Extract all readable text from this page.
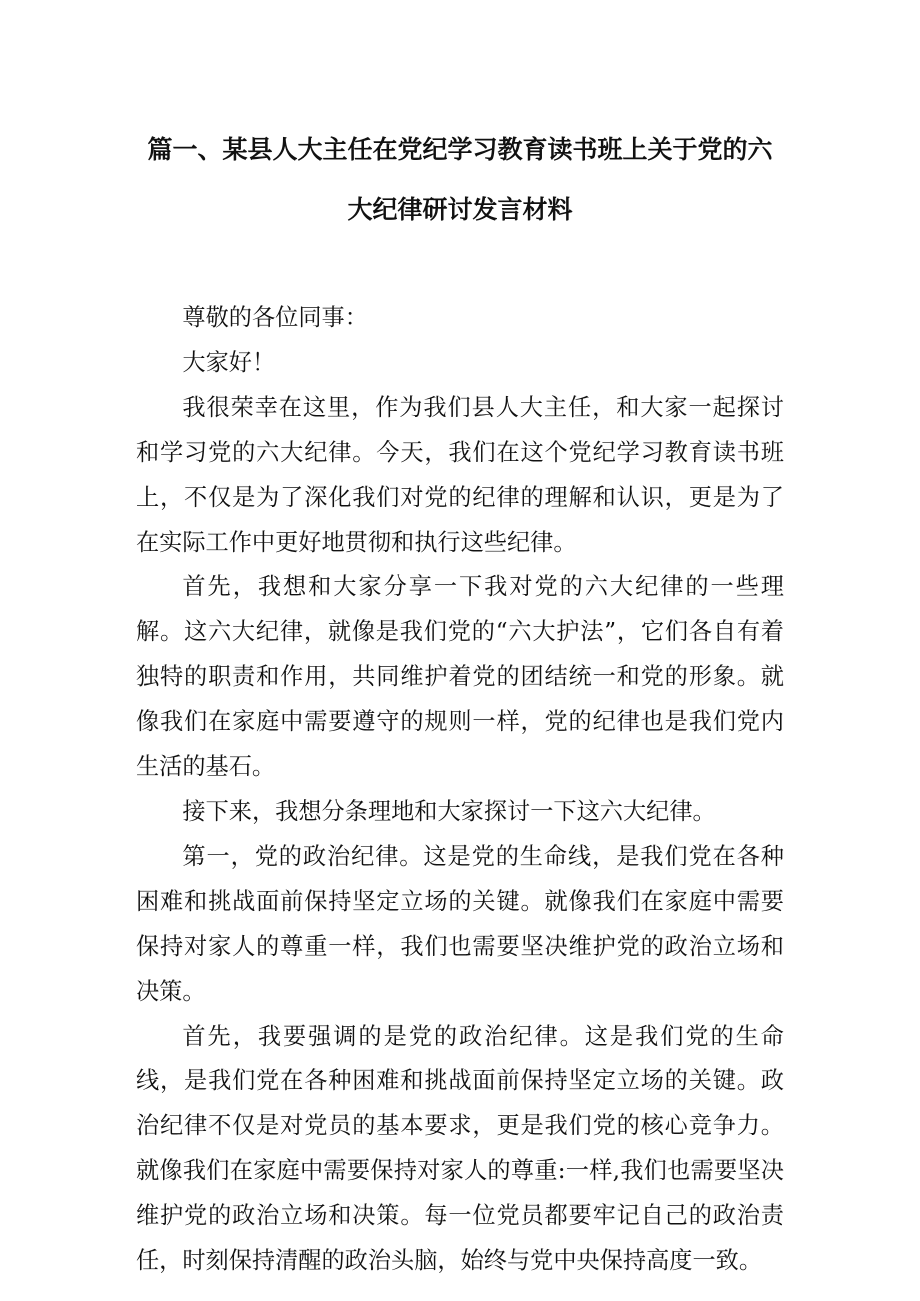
篇一、某县人大主任在党纪学习教育读书班上关于党的六
大纪律研讨发言材料

尊敬的各位同事：

大家好！

我很荣幸在这里，作为我们县人大主任，和大家一起探讨和学习党的六大纪律。今天，我们在这个党纪学习教育读书班上，不仅是为了深化我们对党的纪律的理解和认识，更是为了在实际工作中更好地贯彻和执行这些纪律。

首先，我想和大家分享一下我对党的六大纪律的一些理解。这六大纪律，就像是我们党的“六大护法”，它们各自有着独特的职责和作用，共同维护着党的团结统一和党的形象。就像我们在家庭中需要遵守的规则一样，党的纪律也是我们党内生活的基石。

接下来，我想分条理地和大家探讨一下这六大纪律。

第一，党的政治纪律。这是党的生命线，是我们党在各种困难和挑战面前保持坚定立场的关键。就像我们在家庭中需要保持对家人的尊重一样，我们也需要坚决维护党的政治立场和决策。

首先，我要强调的是党的政治纪律。这是我们党的生命线，是我们党在各种困难和挑战面前保持坚定立场的关键。政治纪律不仅是对党员的基本要求，更是我们党的核心竞争力。就像我们在家庭中需要保持对家人的尊重:一样,我们也需要坚决维护党的政治立场和决策。每一位党员都要牢记自己的政治责任，时刻保持清醒的政治头脑，始终与党中央保持高度一致。
